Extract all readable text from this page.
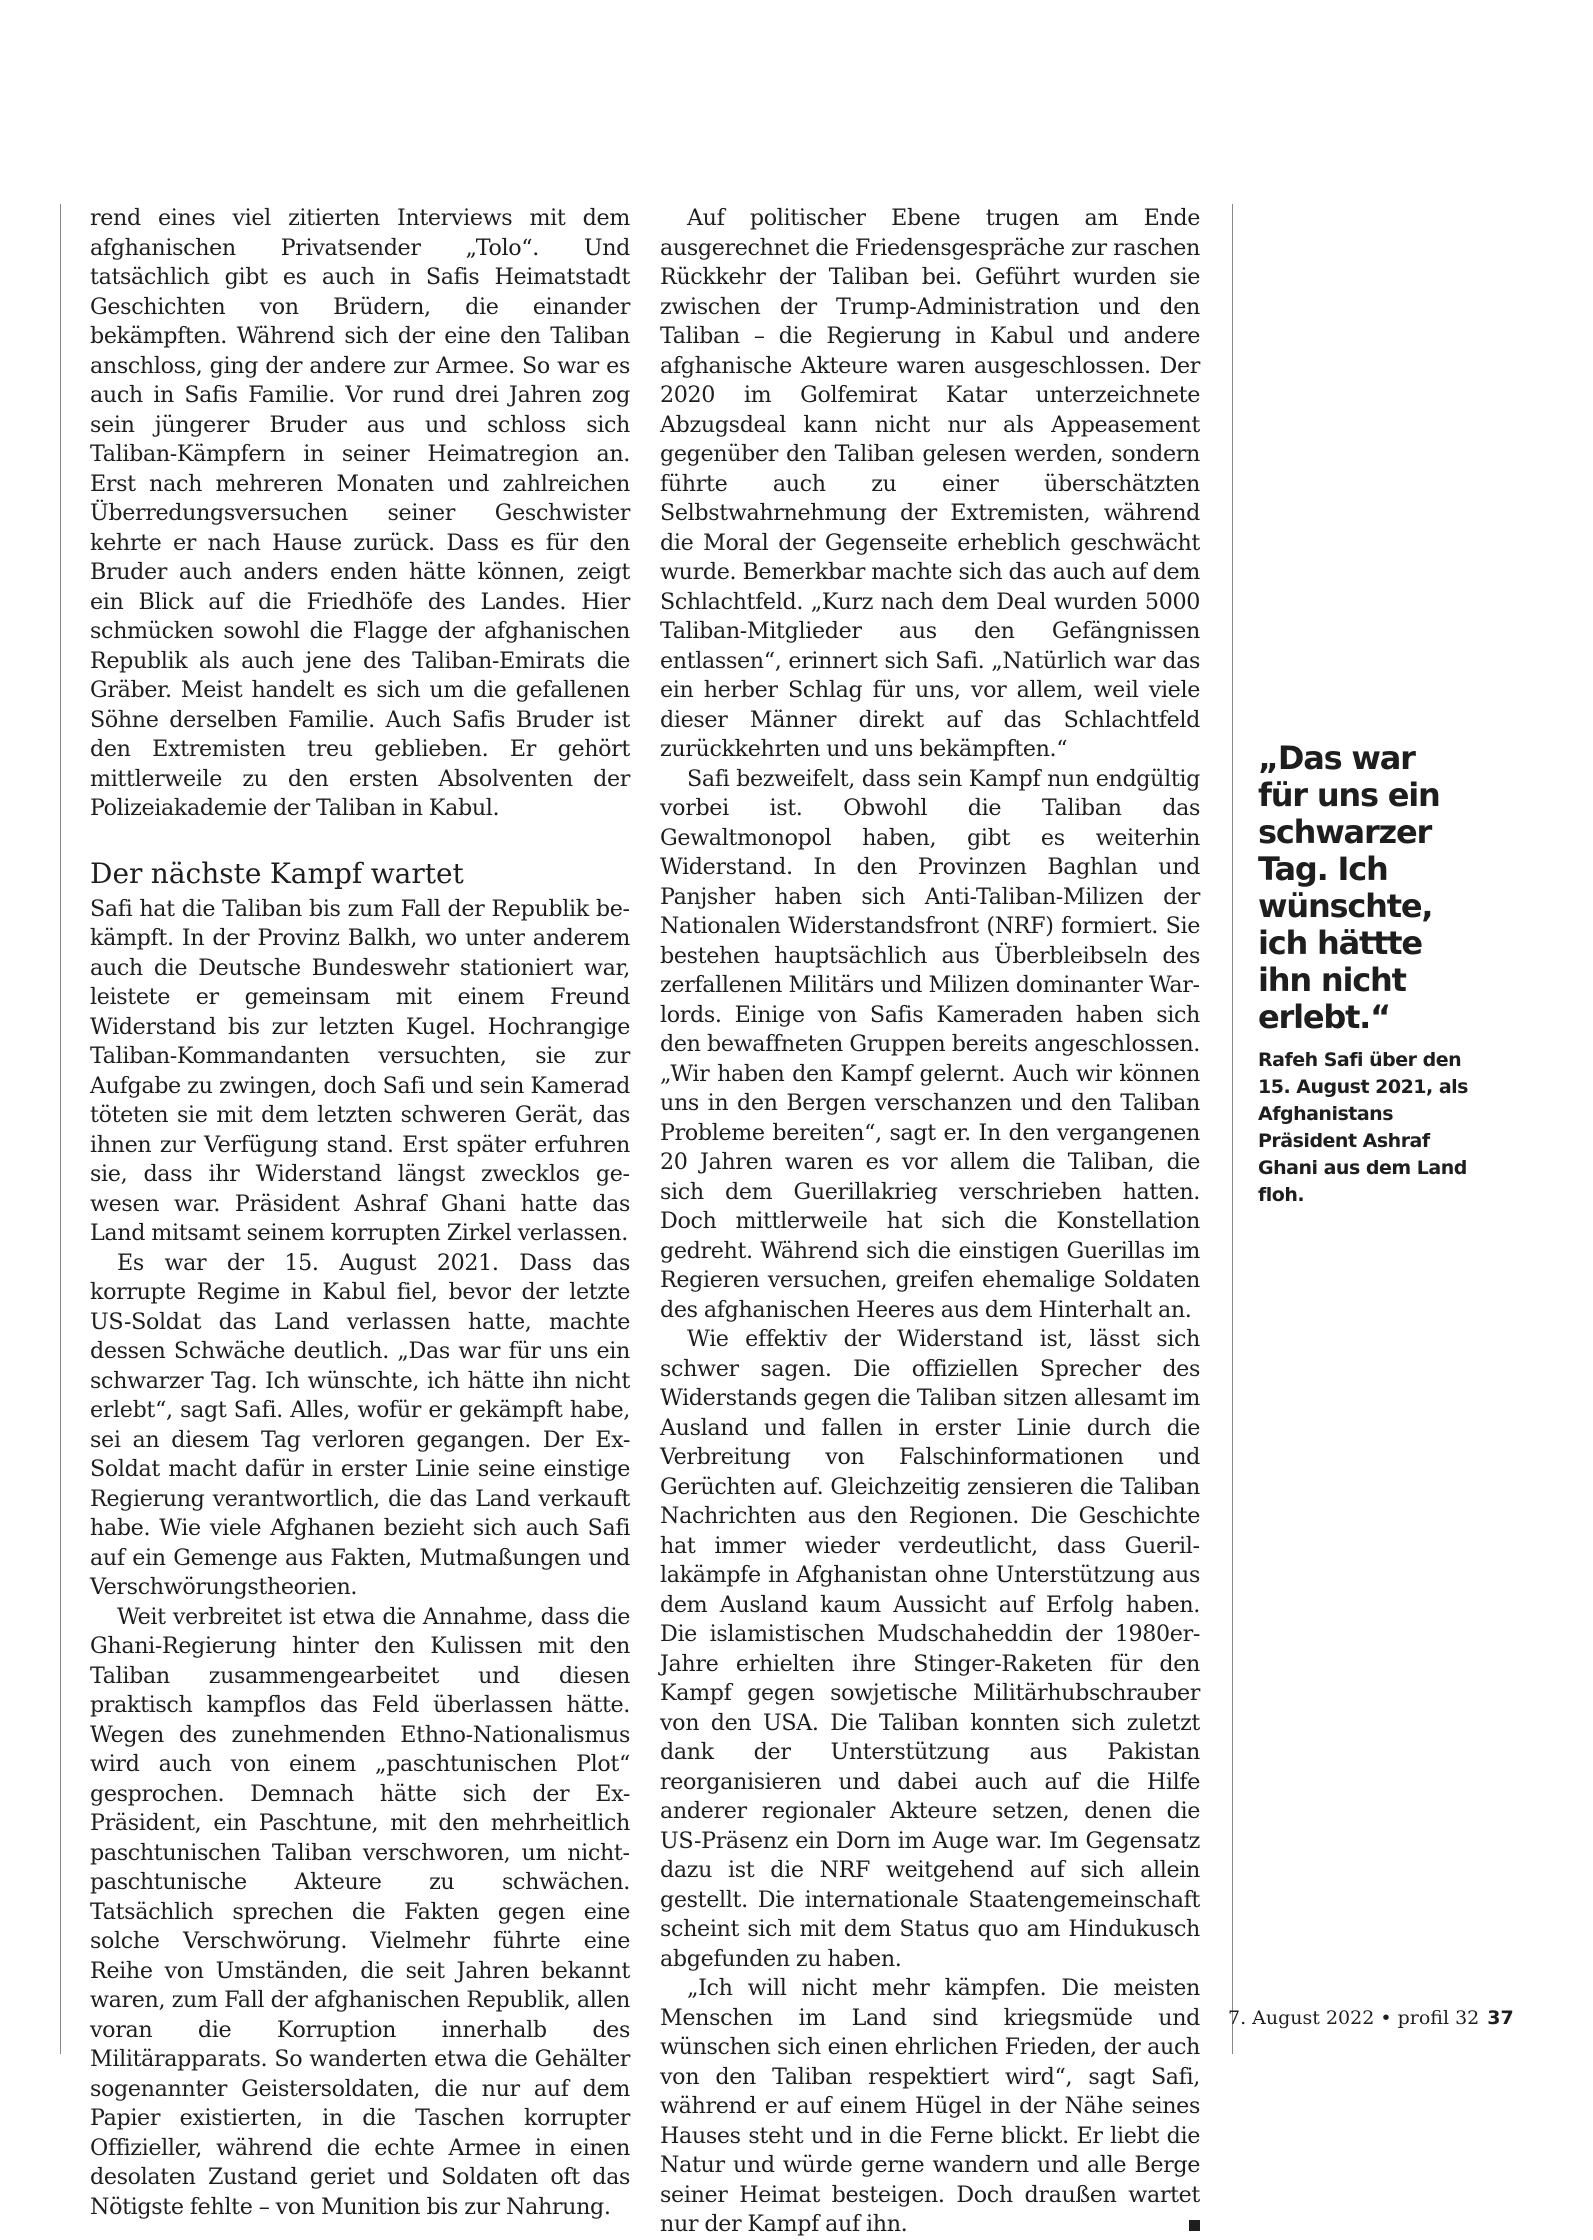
rend eines viel zitierten Interviews mit dem afghanischen Privatsender „Tolo“. Und tatsächlich gibt es auch in Safis Heimatstadt Geschichten von Brüdern, die einander bekämpften. Während sich der eine den Taliban anschloss, ging der andere zur Armee. So war es auch in Safis Familie. Vor rund drei Jahren zog sein jüngerer Bruder aus und schloss sich Taliban-Kämpfern in seiner Heimatregion an. Erst nach mehreren Monaten und zahlreichen Überredungsversuchen seiner Geschwister kehrte er nach Hause zurück. Dass es für den Bruder auch anders enden hätte können, zeigt ein Blick auf die Friedhöfe des Landes. Hier schmücken sowohl die Flagge der afghanischen Republik als auch jene des Taliban-Emirats die Gräber. Meist handelt es sich um die gefallenen Söhne derselben Familie. Auch Safis Bruder ist den Extremisten treu geblieben. Er gehört mittlerweile zu den ersten Absolventen der Polizeiakademie der Taliban in Kabul.

Der nächste Kampf wartet

Safi hat die Taliban bis zum Fall der Republik bekämpft. In der Provinz Balkh, wo unter anderem auch die Deutsche Bundeswehr stationiert war, leistete er gemeinsam mit einem Freund Widerstand bis zur letzten Kugel. Hochrangige Taliban-Kommandanten versuchten, sie zur Aufgabe zu zwingen, doch Safi und sein Kamerad töteten sie mit dem letzten schweren Gerät, das ihnen zur Verfügung stand. Erst später erfuhren sie, dass ihr Widerstand längst zwecklos gewesen war. Präsident Ashraf Ghani hatte das Land mitsamt seinem korrupten Zirkel verlassen.

Es war der 15. August 2021. Dass das korrupte Regime in Kabul fiel, bevor der letzte US-Soldat das Land verlassen hatte, machte dessen Schwäche deutlich. „Das war für uns ein schwarzer Tag. Ich wünschte, ich hätte ihn nicht erlebt“, sagt Safi. Alles, wofür er gekämpft habe, sei an diesem Tag verloren gegangen. Der Ex-Soldat macht dafür in erster Linie seine einstige Regierung verantwortlich, die das Land verkauft habe. Wie viele Afghanen bezieht sich auch Safi auf ein Gemenge aus Fakten, Mutmaßungen und Verschwörungstheorien.

Weit verbreitet ist etwa die Annahme, dass die Ghani-Regierung hinter den Kulissen mit den Taliban zusammengearbeitet und diesen praktisch kampflos das Feld überlassen hätte. Wegen des zunehmenden Ethno-Nationalismus wird auch von einem „paschtunischen Plot“ gesprochen. Demnach hätte sich der Ex-Präsident, ein Paschtune, mit den mehrheitlich paschtunischen Taliban verschworen, um nichtpaschtunische Akteure zu schwächen. Tatsächlich sprechen die Fakten gegen eine solche Verschwörung. Vielmehr führte eine Reihe von Umständen, die seit Jahren bekannt waren, zum Fall der afghanischen Republik, allen voran die Korruption innerhalb des Militärapparats. So wanderten etwa die Gehälter sogenannter Geistersoldaten, die nur auf dem Papier existierten, in die Taschen korrupter Offizieller, während die echte Armee in einen desolaten Zustand geriet und Soldaten oft das Nötigste fehlte – von Munition bis zur Nahrung.

Auf politischer Ebene trugen am Ende ausgerechnet die Friedensgespräche zur raschen Rückkehr der Taliban bei. Geführt wurden sie zwischen der Trump-Administration und den Taliban – die Regierung in Kabul und andere afghanische Akteure waren ausgeschlossen. Der 2020 im Golfemirat Katar unterzeichnete Abzugsdeal kann nicht nur als Appeasement gegenüber den Taliban gelesen werden, sondern führte auch zu einer überschätzten Selbstwahrnehmung der Extremisten, während die Moral der Gegenseite erheblich geschwächt wurde. Bemerkbar machte sich das auch auf dem Schlachtfeld. „Kurz nach dem Deal wurden 5000 Taliban-Mitglieder aus den Gefängnissen entlassen“, erinnert sich Safi. „Natürlich war das ein herber Schlag für uns, vor allem, weil viele dieser Männer direkt auf das Schlachtfeld zurückkehrten und uns bekämpften.“

Safi bezweifelt, dass sein Kampf nun endgültig vorbei ist. Obwohl die Taliban das Gewaltmonopol haben, gibt es weiterhin Widerstand. In den Provinzen Baghlan und Panjsher haben sich Anti-Taliban-Milizen der Nationalen Widerstandsfront (NRF) formiert. Sie bestehen hauptsächlich aus Überbleibseln des zerfallenen Militärs und Milizen dominanter Warlords. Einige von Safis Kameraden haben sich den bewaffneten Gruppen bereits angeschlossen. „Wir haben den Kampf gelernt. Auch wir können uns in den Bergen verschanzen und den Taliban Probleme bereiten“, sagt er. In den vergangenen 20 Jahren waren es vor allem die Taliban, die sich dem Guerillakrieg verschrieben hatten. Doch mittlerweile hat sich die Konstellation gedreht. Während sich die einstigen Guerillas im Regieren versuchen, greifen ehemalige Soldaten des afghanischen Heeres aus dem Hinterhalt an.

Wie effektiv der Widerstand ist, lässt sich schwer sagen. Die offiziellen Sprecher des Widerstands gegen die Taliban sitzen allesamt im Ausland und fallen in erster Linie durch die Verbreitung von Falschinformationen und Gerüchten auf. Gleichzeitig zensieren die Taliban Nachrichten aus den Regionen. Die Geschichte hat immer wieder verdeutlicht, dass Guerillakämpfe in Afghanistan ohne Unterstützung aus dem Ausland kaum Aussicht auf Erfolg haben. Die islamistischen Mudschaheddin der 1980er-Jahre erhielten ihre Stinger-Raketen für den Kampf gegen sowjetische Militärhubschrauber von den USA. Die Taliban konnten sich zuletzt dank der Unterstützung aus Pakistan reorganisieren und dabei auch auf die Hilfe anderer regionaler Akteure setzen, denen die US-Präsenz ein Dorn im Auge war. Im Gegensatz dazu ist die NRF weitgehend auf sich allein gestellt. Die internationale Staatengemeinschaft scheint sich mit dem Status quo am Hindukusch abgefunden zu haben.

„Ich will nicht mehr kämpfen. Die meisten Menschen im Land sind kriegsmüde und wünschen sich einen ehrlichen Frieden, der auch von den Taliban respektiert wird“, sagt Safi, während er auf einem Hügel in der Nähe seines Hauses steht und in die Ferne blickt. Er liebt die Natur und würde gerne wandern und alle Berge seiner Heimat besteigen. Doch draußen wartet nur der Kampf auf ihn.

„Das war für uns ein schwarzer Tag. Ich wünschte, ich hättte ihn nicht erlebt.“
Rafeh Safi über den 15. August 2021, als Afghanistans Präsident Ashraf Ghani aus dem Land floh.
7. August 2022 • profil 32 37
